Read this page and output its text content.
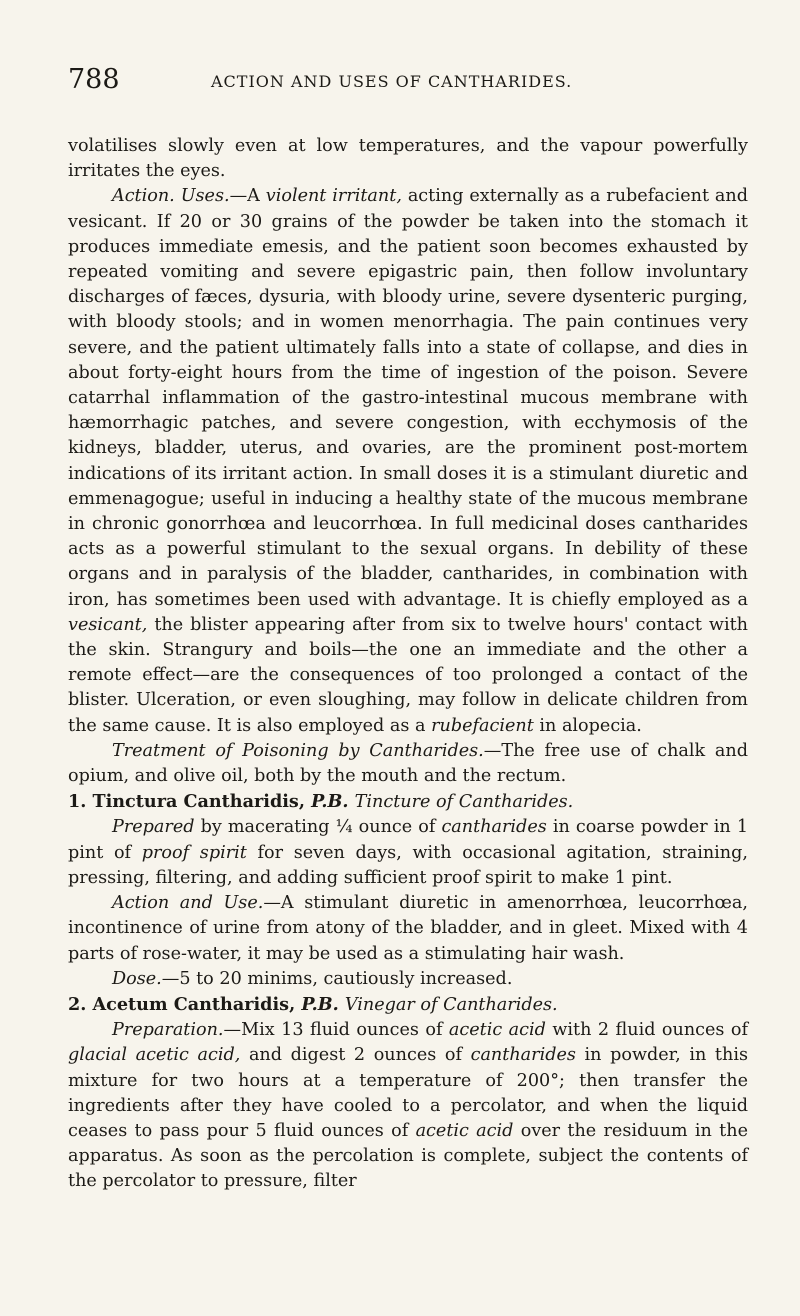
788	ACTION AND USES OF CANTHARIDES.

volatilises slowly even at low temperatures, and the vapour powerfully irritates the eyes.

Action. Uses.—A violent irritant, acting externally as a rubefacient and vesicant. If 20 or 30 grains of the powder be taken into the stomach it produces immediate emesis, and the patient soon becomes exhausted by repeated vomiting and severe epigastric pain, then follow involuntary discharges of fæces, dysuria, with bloody urine, severe dysenteric purging, with bloody stools; and in women menorrhagia. The pain continues very severe, and the patient ultimately falls into a state of collapse, and dies in about forty-eight hours from the time of ingestion of the poison. Severe catarrhal inflammation of the gastro-intestinal mucous membrane with hæmorrhagic patches, and severe congestion, with ecchymosis of the kidneys, bladder, uterus, and ovaries, are the prominent post-mortem indications of its irritant action. In small doses it is a stimulant diuretic and emmenagogue; useful in inducing a healthy state of the mucous membrane in chronic gonorrhœa and leucorrhœa. In full medicinal doses cantharides acts as a powerful stimulant to the sexual organs. In debility of these organs and in paralysis of the bladder, cantharides, in combination with iron, has sometimes been used with advantage. It is chiefly employed as a vesicant, the blister appearing after from six to twelve hours' contact with the skin. Strangury and boils—the one an immediate and the other a remote effect—are the consequences of too prolonged a contact of the blister. Ulceration, or even sloughing, may follow in delicate children from the same cause. It is also employed as a rubefacient in alopecia.

Treatment of Poisoning by Cantharides.—The free use of chalk and opium, and olive oil, both by the mouth and the rectum.

1. Tinctura Cantharidis, P.B. Tincture of Cantharides.

Prepared by macerating ¼ ounce of cantharides in coarse powder in 1 pint of proof spirit for seven days, with occasional agitation, straining, pressing, filtering, and adding sufficient proof spirit to make 1 pint.

Action and Use.—A stimulant diuretic in amenorrhœa, leucorrhœa, incontinence of urine from atony of the bladder, and in gleet. Mixed with 4 parts of rose-water, it may be used as a stimulating hair wash.

Dose.—5 to 20 minims, cautiously increased.

2. Acetum Cantharidis, P.B. Vinegar of Cantharides.

Preparation.—Mix 13 fluid ounces of acetic acid with 2 fluid ounces of glacial acetic acid, and digest 2 ounces of cantharides in powder, in this mixture for two hours at a temperature of 200°; then transfer the ingredients after they have cooled to a percolator, and when the liquid ceases to pass pour 5 fluid ounces of acetic acid over the residuum in the apparatus. As soon as the percolation is complete, subject the contents of the percolator to pressure, filter
